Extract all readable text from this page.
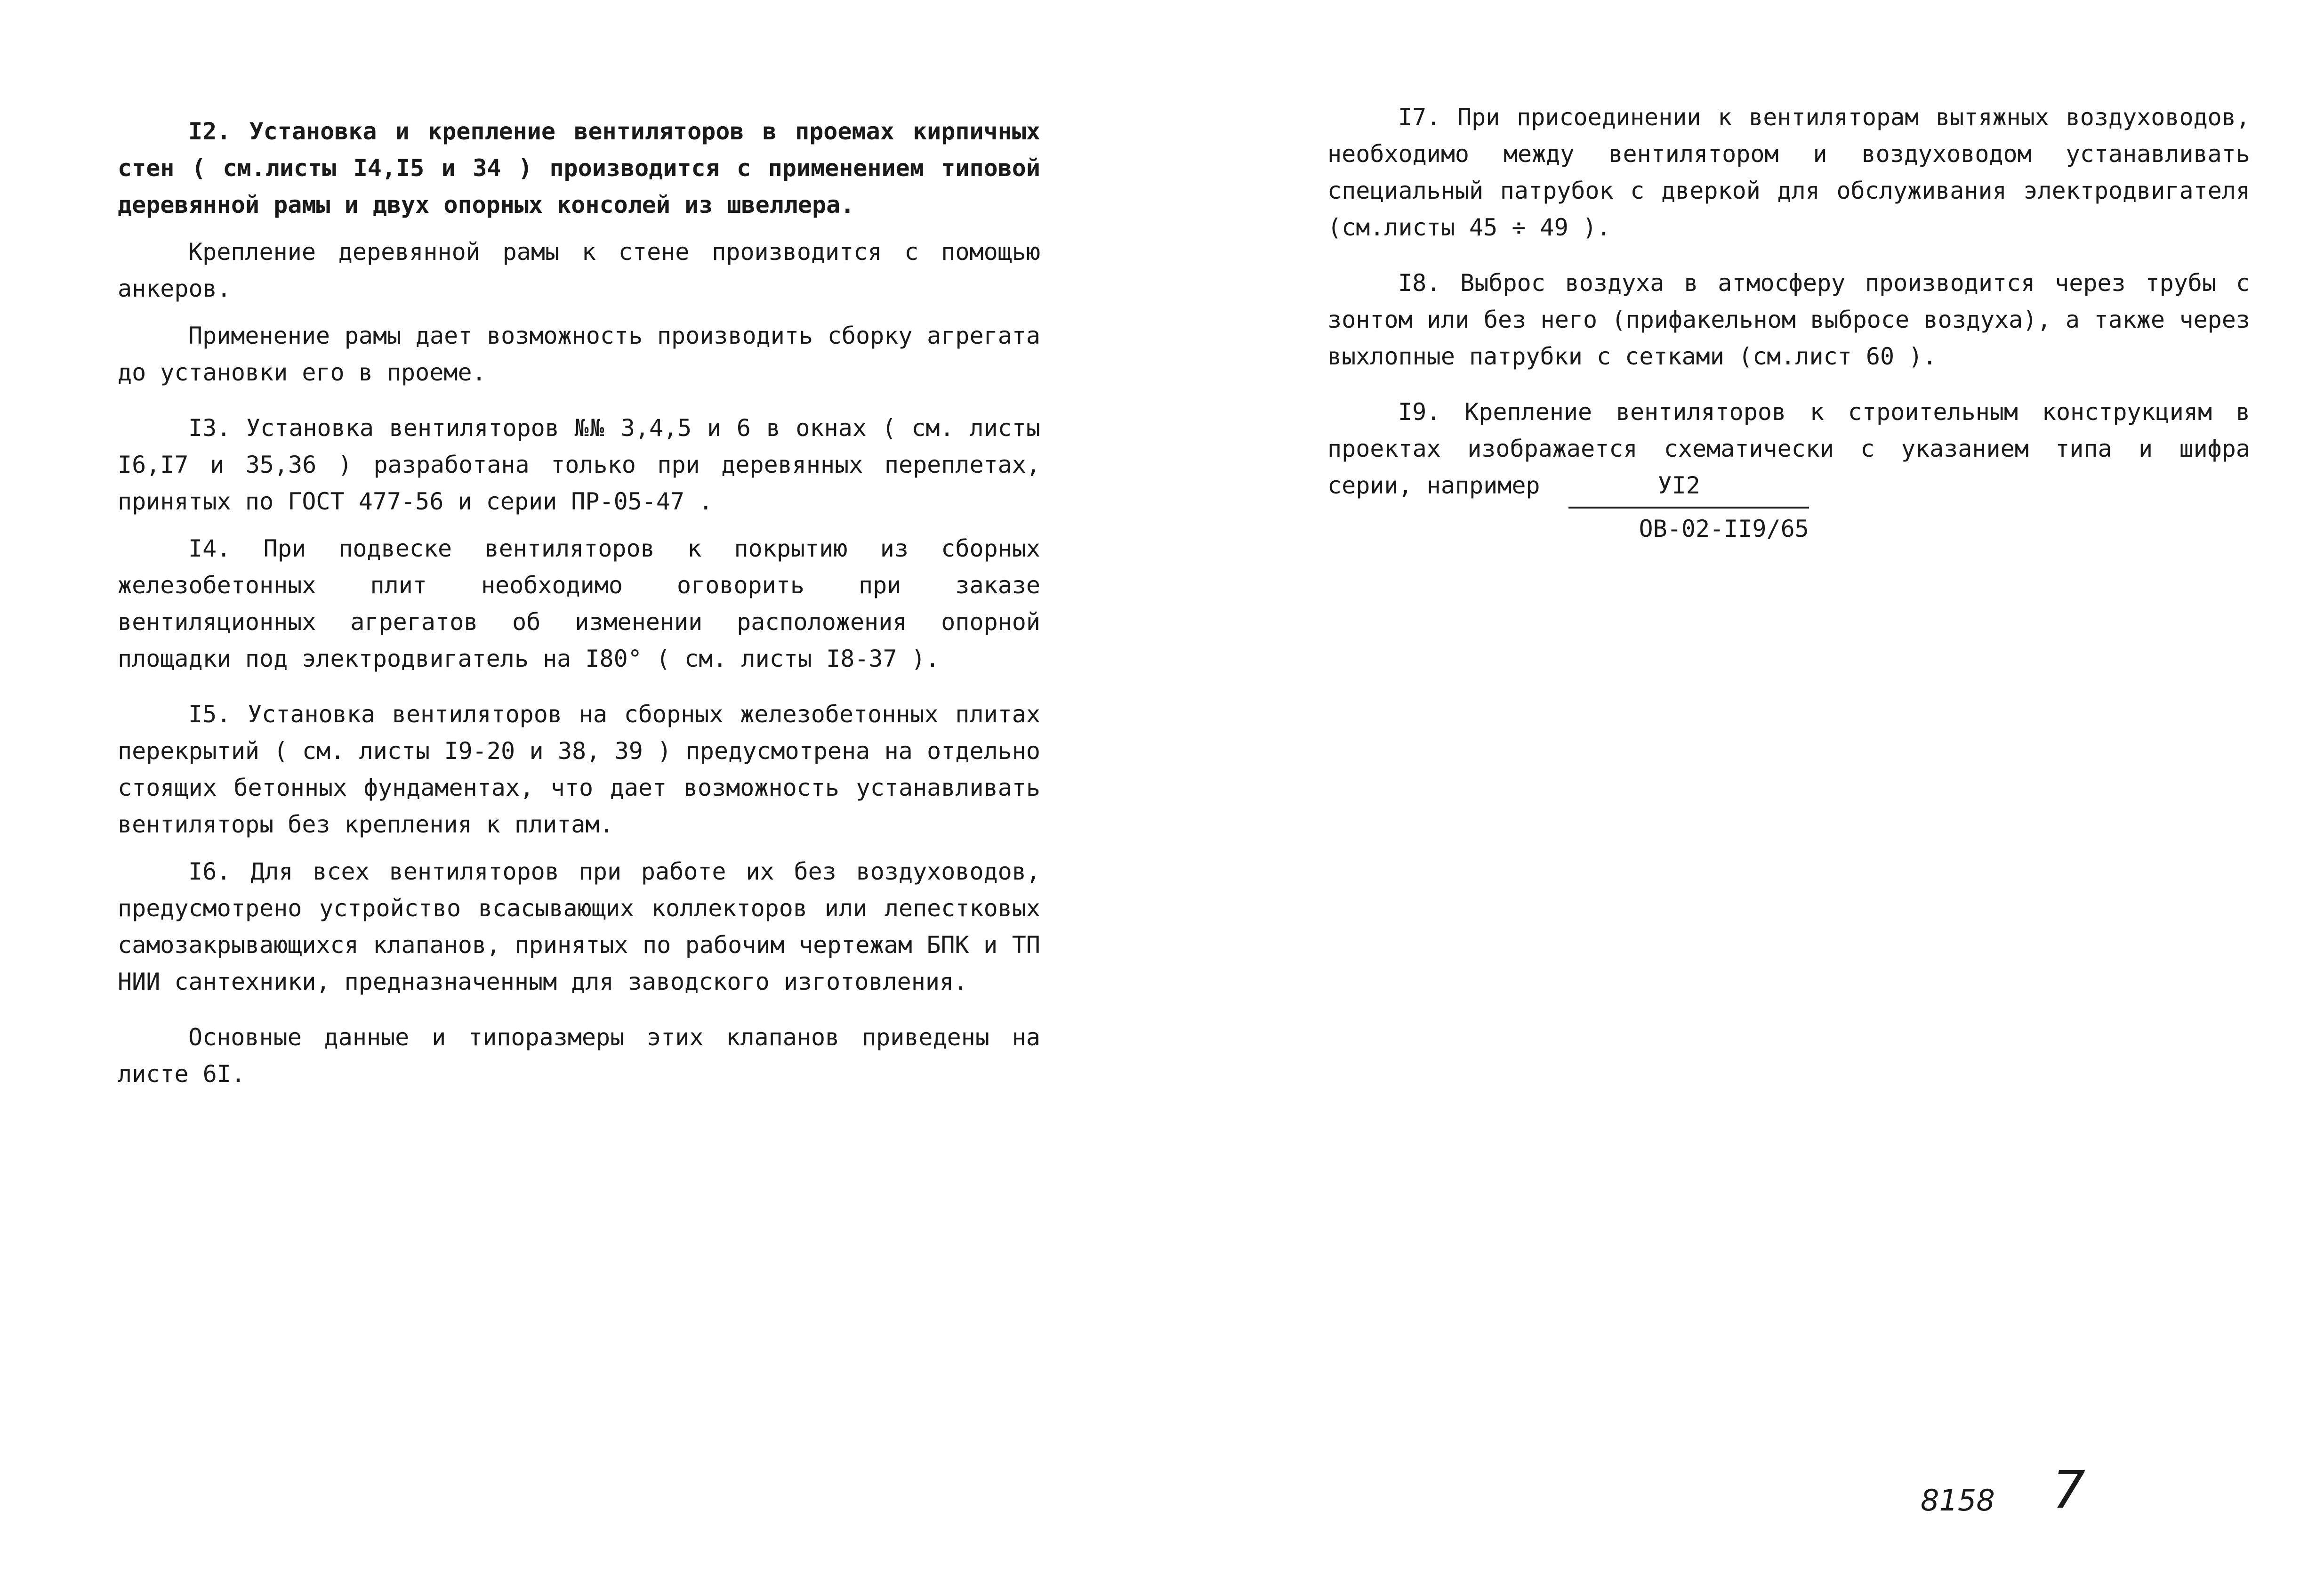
I2. Установка и крепление вентиляторов в проемах кирпичных стен ( см.листы I4,I5 и 34 ) производится с применением типовой деревянной рамы и двух опорных консолей из швеллера.

Крепление деревянной рамы к стене производится с помощью анкеров.

Применение рамы дает возможность производить сборку агрегата до установки его в проеме.

I3. Установка вентиляторов №№ 3,4,5 и 6 в окнах ( см. листы I6,I7 и 35,36 ) разработана только при деревянных переплетах, принятых по ГОСТ 477-56 и серии ПР-05-47 .

I4. При подвеске вентиляторов к покрытию из сборных железобетонных плит необходимо оговорить при заказе вентиляционных агрегатов об изменении расположения опорной площадки под электродвигатель на I80° ( см. листы I8-37 ).

I5. Установка вентиляторов на сборных железобетонных плитах перекрытий ( см. листы I9-20 и 38, 39 ) предусмотрена на отдельно стоящих бетонных фундаментах, что дает возможность устанавливать вентиляторы без крепления к плитам.

I6. Для всех вентиляторов при работе их без воздуховодов, предусмотрено устройство всасывающих коллекторов или лепестковых самозакрывающихся клапанов, принятых по рабочим чертежам БПК и ТП НИИ сантехники, предназначенным для заводского изготовления.

Основные данные и типоразмеры этих клапанов приведены на листе 6I.

I7. При присоединении к вентиляторам вытяжных воздуховодов, необходимо между вентилятором и воздуховодом устанавливать специальный патрубок с дверкой для обслуживания электродвигателя (см.листы 45 ÷ 49 ).

I8. Выброс воздуха в атмосферу производится через трубы с зонтом или без него (прифакельном выбросе воздуха), а также через выхлопные патрубки с сетками (см.лист 60 ).

I9. Крепление вентиляторов к строительным конструкциям в проектах изображается схематически с указанием типа и шифра серии, например $\frac{УI2}{ОВ-02-II9/65}$

8158 7
